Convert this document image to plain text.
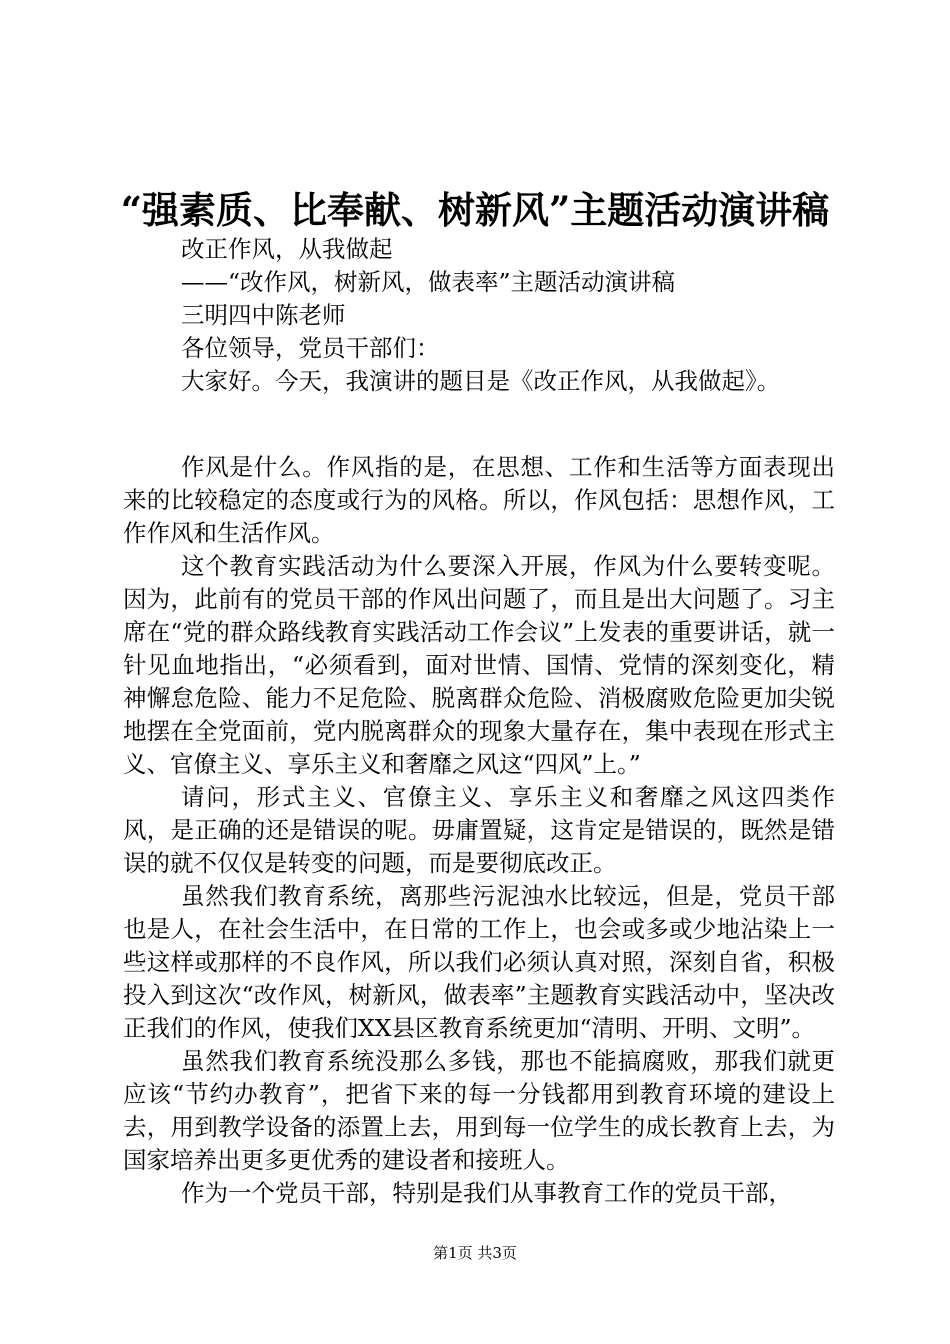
“强素质、比奉献、树新风”主题活动演讲稿
改正作风，从我做起
——“改作风，树新风，做表率”主题活动演讲稿
三明四中陈老师
各位领导，党员干部们：
大家好。今天，我演讲的题目是《改正作风，从我做起》。

作风是什么。作风指的是，在思想、工作和生活等方面表现出来的比较稳定的态度或行为的风格。所以，作风包括：思想作风，工作作风和生活作风。

这个教育实践活动为什么要深入开展，作风为什么要转变呢。因为，此前有的党员干部的作风出问题了，而且是出大问题了。习主席在“党的群众路线教育实践活动工作会议”上发表的重要讲话，就一针见血地指出，“必须看到，面对世情、国情、党情的深刻变化，精神懈怠危险、能力不足危险、脱离群众危险、消极腐败危险更加尖锐地摆在全党面前，党内脱离群众的现象大量存在，集中表现在形式主义、官僚主义、享乐主义和奢靡之风这“四风”上。”

请问，形式主义、官僚主义、享乐主义和奢靡之风这四类作风，是正确的还是错误的呢。毋庸置疑，这肯定是错误的，既然是错误的就不仅仅是转变的问题，而是要彻底改正。

虽然我们教育系统，离那些污泥浊水比较远，但是，党员干部也是人，在社会生活中，在日常的工作上，也会或多或少地沾染上一些这样或那样的不良作风，所以我们必须认真对照，深刻自省，积极投入到这次“改作风，树新风，做表率”主题教育实践活动中，坚决改正我们的作风，使我们XX县区教育系统更加“清明、开明、文明”。

虽然我们教育系统没那么多钱，那也不能搞腐败，那我们就更应该“节约办教育”，把省下来的每一分钱都用到教育环境的建设上去，用到教学设备的添置上去，用到每一位学生的成长教育上去，为国家培养出更多更优秀的建设者和接班人。

作为一个党员干部，特别是我们从事教育工作的党员干部，

第1页 共3页
